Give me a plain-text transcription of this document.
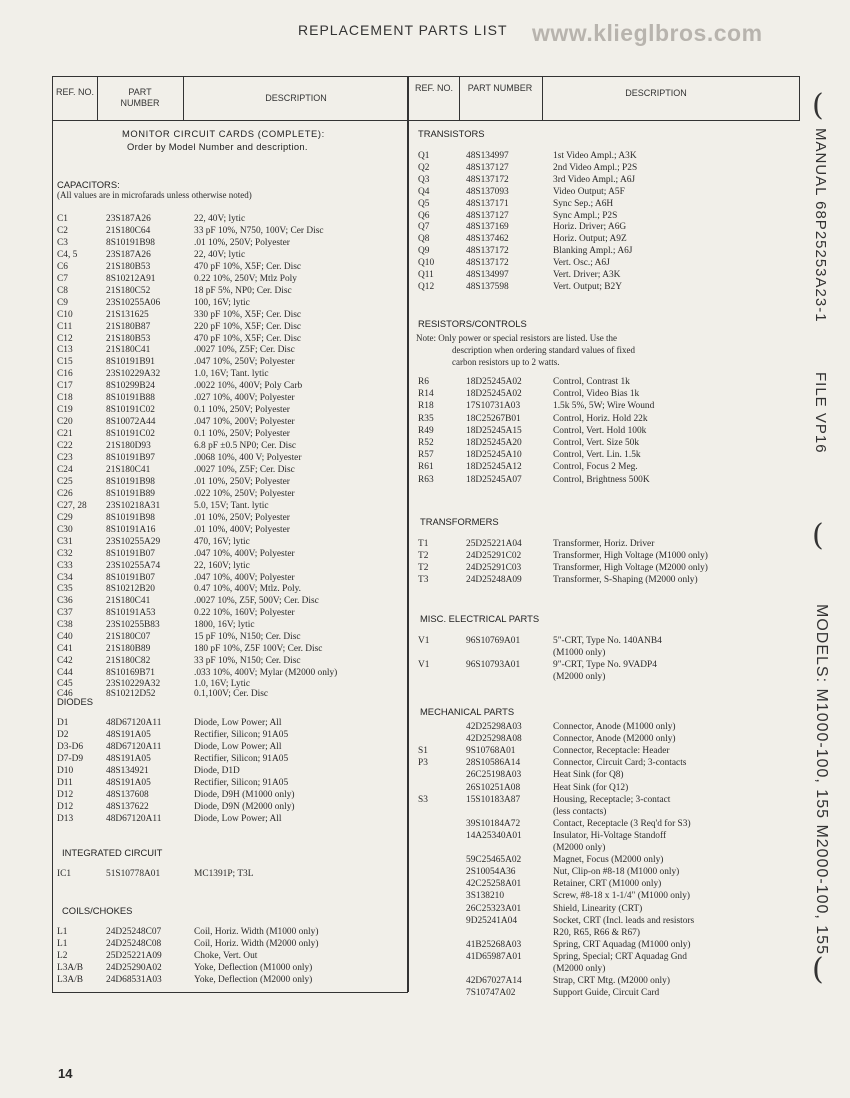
REPLACEMENT PARTS LIST www.klieglbros.com
MANUAL 68P25253A23-1
FILE VP16
MODELS: M1000-100, 155 M2000-100, 155
(
(
(
14
REF. NO.	PART NUMBER	DESCRIPTION
REF. NO.	PART NUMBER	DESCRIPTION
MONITOR CIRCUIT CARDS (COMPLETE):
Order by Model Number and description.
CAPACITORS:
(All values are in microfarads unless otherwise noted)
DIODES
INTEGRATED CIRCUIT
COILS/CHOKES
TRANSISTORS
RESISTORS/CONTROLS
Note: Only power or special resistors are listed. Use the
description when ordering standard values of fixed
carbon resistors up to 2 watts.
TRANSFORMERS
MISC. ELECTRICAL PARTS
MECHANICAL PARTS
C1	23S187A26	22, 40V; lytic
C2	21S180C64	33 pF 10%, N750, 100V; Cer Disc
C3	8S10191B98	.01 10%, 250V; Polyester
C4, 5	23S187A26	22, 40V; lytic
C6	21S180B53	470 pF 10%, X5F; Cer. Disc
C7	8S10212A91	0.22 10%, 250V; Mtlz Poly
C8	21S180C52	18 pF 5%, NP0; Cer. Disc
C9	23S10255A06	100, 16V; lytic
C10	21S131625	330 pF 10%, X5F; Cer. Disc
C11	21S180B87	220 pF 10%, X5F; Cer. Disc
C12	21S180B53	470 pF 10%, X5F; Cer. Disc
C13	21S180C41	.0027 10%, Z5F; Cer. Disc
C15	8S10191B91	.047 10%, 250V; Polyester
C16	23S10229A32	1.0, 16V; Tant. lytic
C17	8S10299B24	.0022 10%, 400V; Poly Carb
C18	8S10191B88	.027 10%, 400V; Polyester
C19	8S10191C02	0.1 10%, 250V; Polyester
C20	8S10072A44	.047 10%, 200V; Polyester
C21	8S10191C02	0.1 10%, 250V; Polyester
C22	21S180D93	6.8 pF ±0.5 NP0; Cer. Disc
C23	8S10191B97	.0068 10%, 400 V; Polyester
C24	21S180C41	.0027 10%, Z5F; Cer. Disc
C25	8S10191B98	.01 10%, 250V; Polyester
C26	8S10191B89	.022 10%, 250V; Polyester
C27, 28 23S10218A31	5.0, 15V; Tant. lytic
C29	8S10191B98	.01 10%, 250V; Polyester
C30	8S10191A16	.01 10%, 400V; Polyester
C31	23S10255A29	470, 16V; lytic
C32	8S10191B07	.047 10%, 400V; Polyester
C33	23S10255A74	22, 160V; lytic
C34	8S10191B07	.047 10%, 400V; Polyester
C35	8S10212B20	0.47 10%, 400V; Mtlz. Poly.
C36	21S180C41	.0027 10%, Z5F, 500V; Cer. Disc
C37	8S10191A53	0.22 10%, 160V; Polyester
C38	23S10255B83	1800, 16V; lytic
C40	21S180C07	15 pF 10%, N150; Cer. Disc
C41	21S180B89	180 pF 10%, Z5F 100V; Cer. Disc
C42	21S180C82	33 pF 10%, N150; Cer. Disc
C44	8S10169B71	.033 10%, 400V; Mylar (M2000 only)
C45	23S10229A32	1.0, 16V; Lytic
C46	8S10212D52	0.1,100V; Cer. Disc
D1	48D67120A11	Diode, Low Power; All
D2	48S191A05	Rectifier, Silicon; 91A05
D3-D6 48D67120A11	Diode, Low Power; All
D7-D9 48S191A05	Rectifier, Silicon; 91A05
D10	48S134921	Diode, D1D
D11	48S191A05	Rectifier, Silicon; 91A05
D12	48S137608	Diode, D9H (M1000 only)
D12	48S137622	Diode, D9N (M2000 only)
D13	48D67120A11	Diode, Low Power; All
IC1	51S10778A01	MC1391P; T3L
L1	24D25248C07	Coil, Horiz. Width (M1000 only)
L1	24D25248C08	Coil, Horiz. Width (M2000 only)
L2	25D25221A09	Choke, Vert. Out
L3A/B 24D25290A02	Yoke, Deflection (M1000 only)
L3A/B 24D68531A03	Yoke, Deflection (M2000 only)
Q1	48S134997	1st Video Ampl.; A3K
Q2	48S137127	2nd Video Ampl.; P2S
Q3	48S137172	3rd Video Ampl.; A6J
Q4	48S137093	Video Output; A5F
Q5	48S137171	Sync Sep.; A6H
Q6	48S137127	Sync Ampl.; P2S
Q7	48S137169	Horiz. Driver; A6G
Q8	48S137462	Horiz. Output; A9Z
Q9	48S137172	Blanking Ampl.; A6J
Q10	48S137172	Vert. Osc.; A6J
Q11	48S134997	Vert. Driver; A3K
Q12	48S137598	Vert. Output; B2Y
R6	18D25245A02	Control, Contrast 1k
R14	18D25245A02	Control, Video Bias 1k
R18	17S10731A03	1.5k 5%, 5W; Wire Wound
R35	18C25267B01	Control, Horiz. Hold 22k
R49	18D25245A15	Control, Vert. Hold 100k
R52	18D25245A20	Control, Vert. Size 50k
R57	18D25245A10	Control, Vert. Lin. 1.5k
R61	18D25245A12	Control, Focus 2 Meg.
R63	18D25245A07	Control, Brightness 500K
T1	25D25221A04	Transformer, Horiz. Driver
T2	24D25291C02	Transformer, High Voltage (M1000 only)
T2	24D25291C03	Transformer, High Voltage (M2000 only)
T3	24D25248A09	Transformer, S-Shaping (M2000 only)
V1	96S10769A01	5"-CRT, Type No. 140ANB4
(M1000 only)
V1	96S10793A01	9"-CRT, Type No. 9VADP4
(M2000 only)
42D25298A03	Connector, Anode (M1000 only)
42D25298A08	Connector, Anode (M2000 only)
S1	9S10768A01	Connector, Receptacle: Header
P3	28S10586A14	Connector, Circuit Card; 3-contacts
26C25198A03	Heat Sink (for Q8)
26S10251A08	Heat Sink (for Q12)
S3	15S10183A87	Housing, Receptacle; 3-contact
(less contacts)
39S10184A72	Contact, Receptacle (3 Req'd for S3)
14A25340A01	Insulator, Hi-Voltage Standoff
(M2000 only)
59C25465A02	Magnet, Focus (M2000 only)
2S10054A36	Nut, Clip-on #8-18 (M1000 only)
42C25258A01	Retainer, CRT (M1000 only)
3S138210	Screw, #8-18 x 1-1/4" (M1000 only)
26C25323A01	Shield, Linearity (CRT)
9D25241A04	Socket, CRT (Incl. leads and resistors
R20, R65, R66 & R67)
41B25268A03	Spring, CRT Aquadag (M1000 only)
41D65987A01	Spring, Special; CRT Aquadag Gnd
(M2000 only)
42D67027A14	Strap, CRT Mtg. (M2000 only)
7S10747A02	Support Guide, Circuit Card
